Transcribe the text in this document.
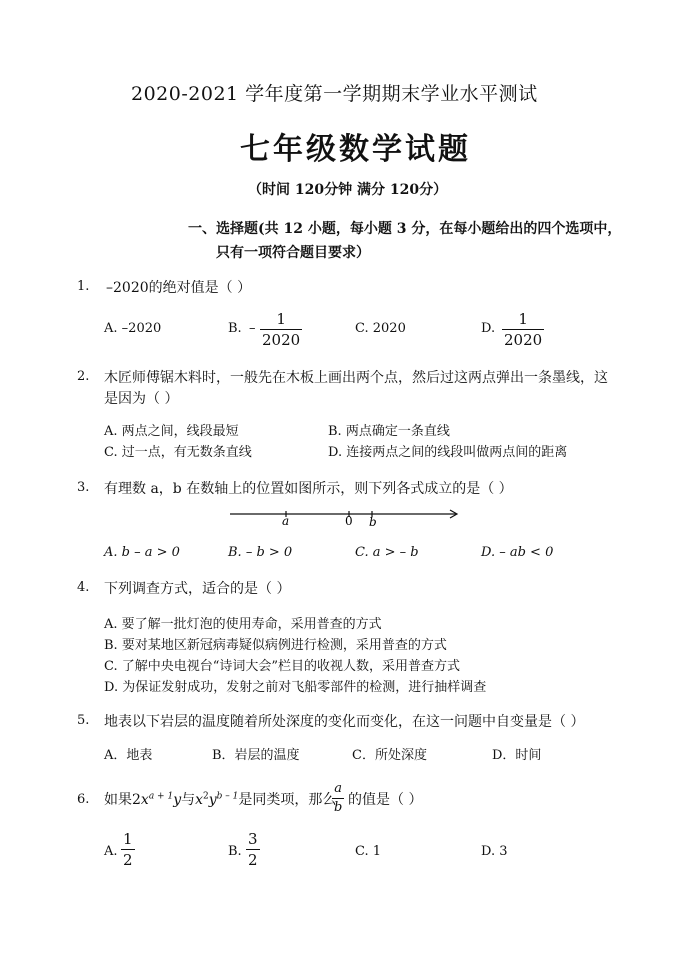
2020-2021 学年度第一学期期末学业水平测试
七年级数学试题
（时间 120分钟 满分 120分）
一、选择题(共 12 小题，每小题 3 分，在每小题给出的四个选项中，
只有一项符合题目要求）
1. –2020的绝对值是（ ）
A. –2020	B. – $\frac{1}{2020}$	C. 2020	D. $\frac{1}{2020}$
2. 木匠师傅锯木料时，一般先在木板上画出两个点，然后过这两点弹出一条墨线，这
是因为（ ）
A. 两点之间，线段最短	B. 两点确定一条直线
C. 过一点，有无数条直线	D. 连接两点之间的线段叫做两点间的距离
3. 有理数 a，b 在数轴上的位置如图所示，则下列各式成立的是（ ）
a	0 b
A. b – a > 0	B. – b > 0	C. a > – b	D. – ab < 0
4. 下列调查方式，适合的是（ ）
A. 要了解一批灯泡的使用寿命，采用普查的方式
B. 要对某地区新冠病毒疑似病例进行检测，采用普查的方式
C. 了解中央电视台“诗词大会”栏目的收视人数，采用普查方式
D. 为保证发射成功，发射之前对飞船零部件的检测，进行抽样调查
5. 地表以下岩层的温度随着所处深度的变化而变化，在这一问题中自变量是（ ）
A．地表	B．岩层的温度	C．所处深度	D．时间
6. 如果$2x^{a + 1}y$与$x^2y^{b - 1}$是同类项，那么
$\frac{a}{b}$ 的值是（ ）
A. $\frac{1}{2}$	B. $\frac{3}{2}$	C. 1	D. 3
